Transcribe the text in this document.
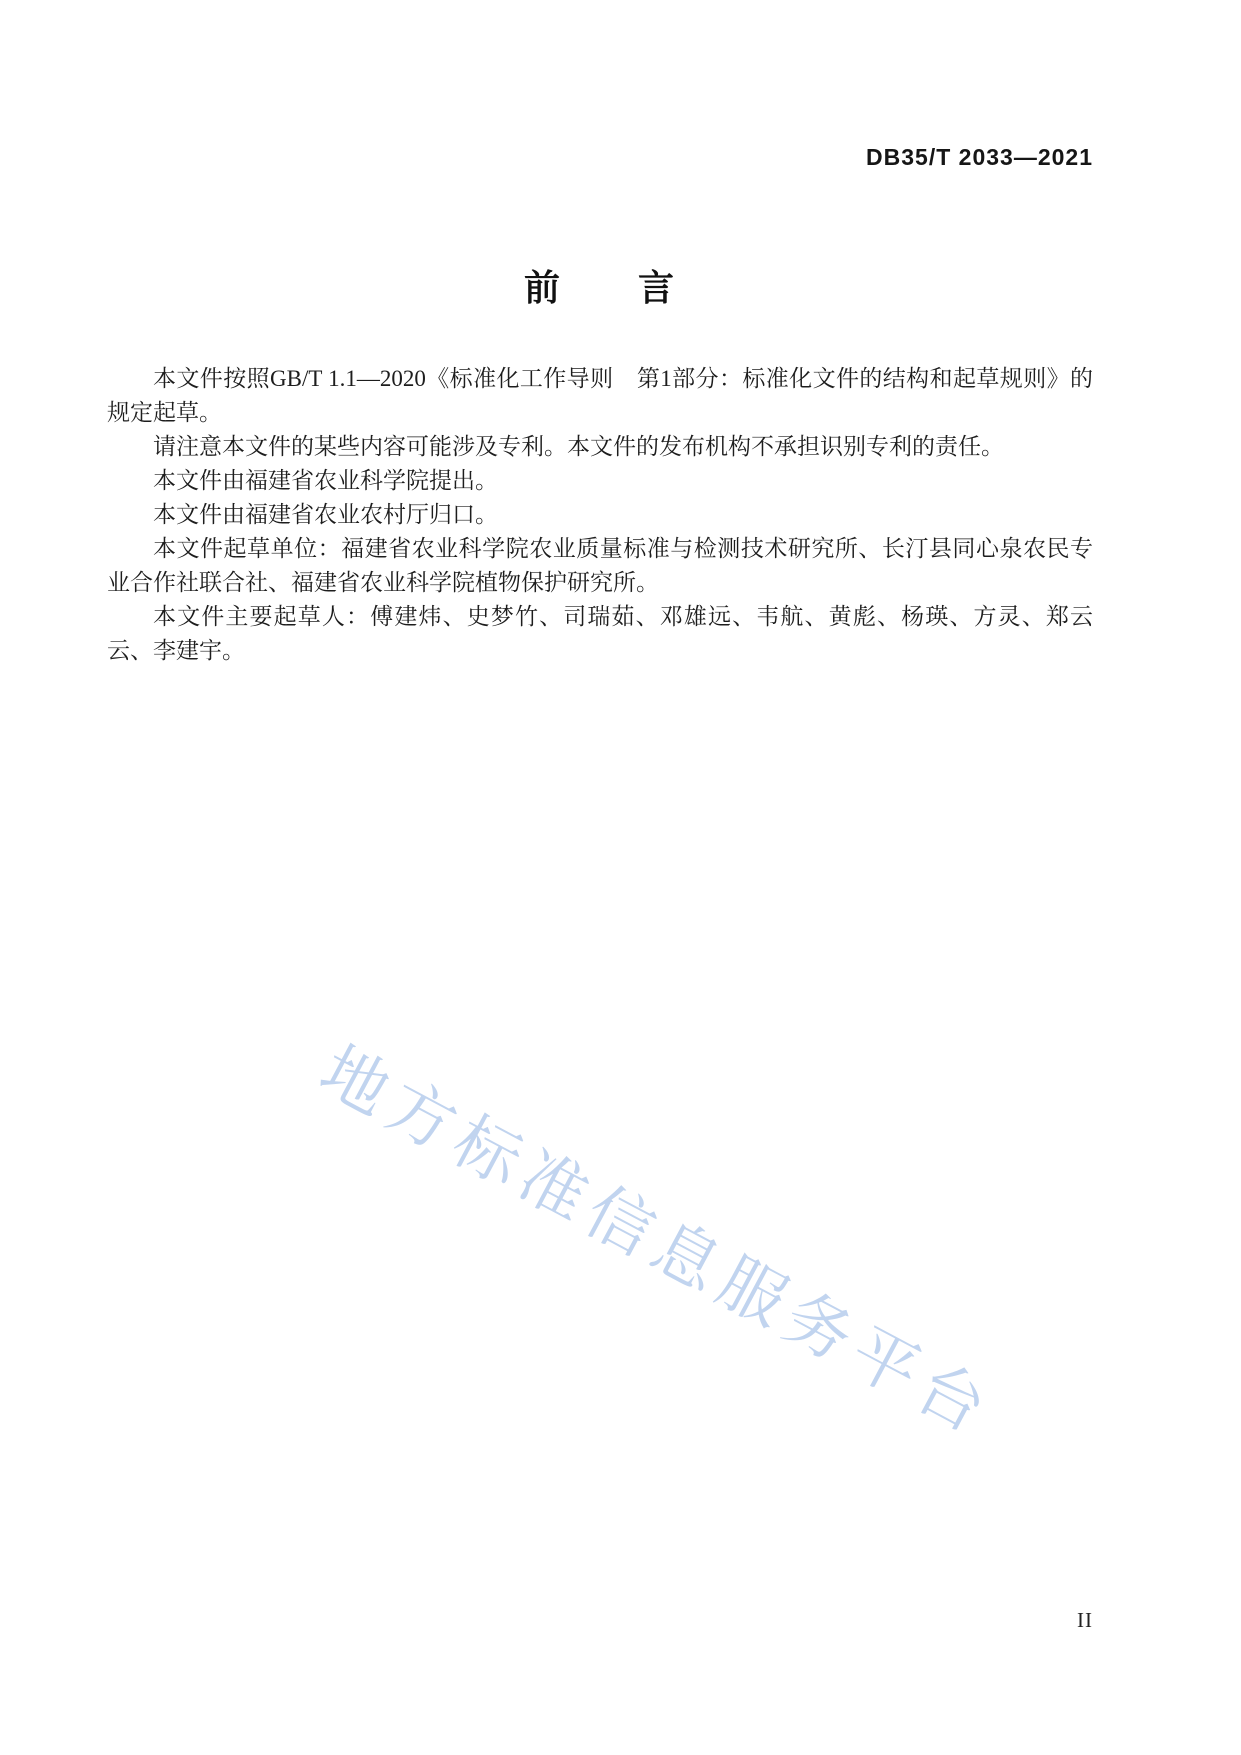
DB35/T 2033—2021
前　　言

本文件按照GB/T 1.1—2020《标准化工作导则　第1部分：标准化文件的结构和起草规则》的规定起草。

请注意本文件的某些内容可能涉及专利。本文件的发布机构不承担识别专利的责任。

本文件由福建省农业科学院提出。

本文件由福建省农业农村厅归口。

本文件起草单位：福建省农业科学院农业质量标准与检测技术研究所、长汀县同心泉农民专业合作社联合社、福建省农业科学院植物保护研究所。

本文件主要起草人：傅建炜、史梦竹、司瑞茹、邓雄远、韦航、黄彪、杨瑛、方灵、郑云云、李建宇。

地方标准信息服务平台
II
